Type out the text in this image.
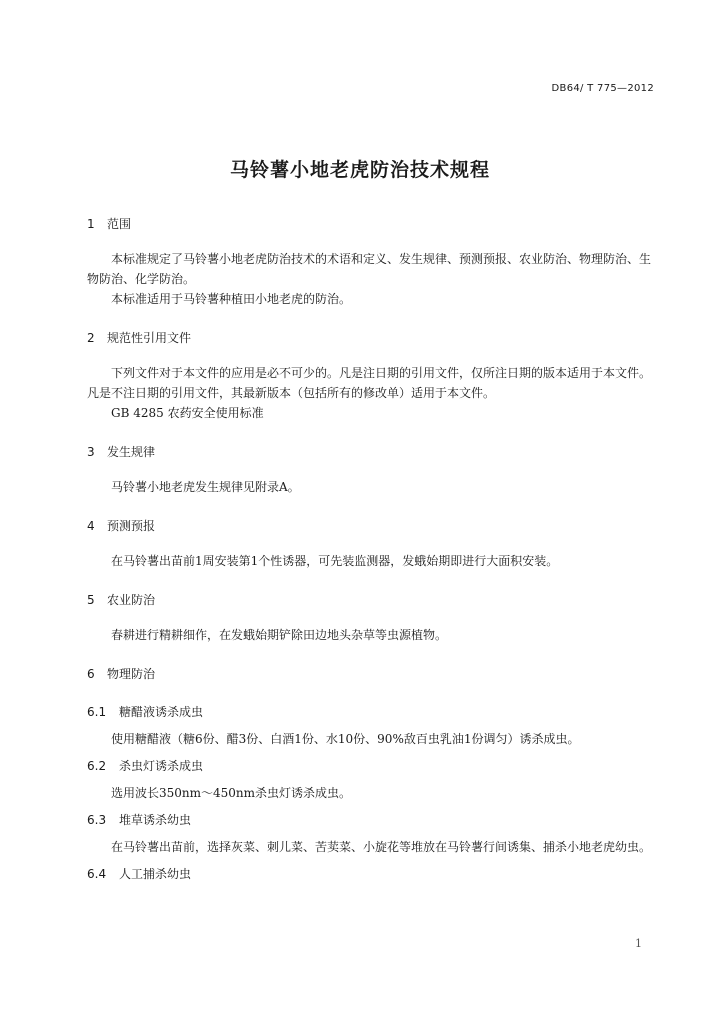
DB64/ T 775—2012
马铃薯小地老虎防治技术规程
1 范围

本标准规定了马铃薯小地老虎防治技术的术语和定义、发生规律、预测预报、农业防治、物理防治、生物防治、化学防治。

本标准适用于马铃薯种植田小地老虎的防治。

2 规范性引用文件

下列文件对于本文件的应用是必不可少的。凡是注日期的引用文件，仅所注日期的版本适用于本文件。凡是不注日期的引用文件，其最新版本（包括所有的修改单）适用于本文件。

GB 4285 农药安全使用标准

3 发生规律

马铃薯小地老虎发生规律见附录A。

4 预测预报

在马铃薯出苗前1周安装第1个性诱器，可先装监测器，发蛾始期即进行大面积安装。

5 农业防治

春耕进行精耕细作，在发蛾始期铲除田边地头杂草等虫源植物。

6 物理防治
6.1 糖醋液诱杀成虫

使用糖醋液（糖6份、醋3份、白酒1份、水10份、90%敌百虫乳油1份调匀）诱杀成虫。

6.2 杀虫灯诱杀成虫

选用波长350nm～450nm杀虫灯诱杀成虫。

6.3 堆草诱杀幼虫

在马铃薯出苗前，选择灰菜、刺儿菜、苦荬菜、小旋花等堆放在马铃薯行间诱集、捕杀小地老虎幼虫。

6.4 人工捕杀幼虫
1
